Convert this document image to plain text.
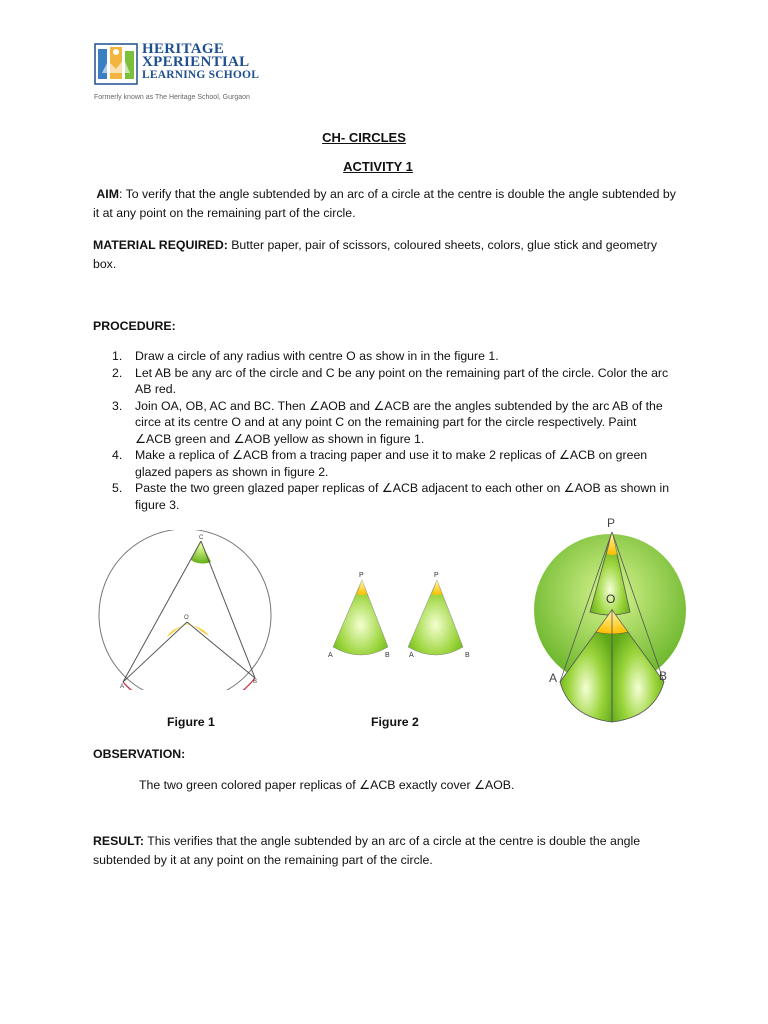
HERITAGE
XPERIENTIAL
LEARNING SCHOOL
Formerly known as The Heritage School, Gurgaon
CH- CIRCLES
ACTIVITY 1
AIM: To verify that the angle subtended by an arc of a circle at the centre is double the angle subtended by it at any point on the remaining part of the circle.
MATERIAL REQUIRED: Butter paper, pair of scissors, coloured sheets, colors, glue stick and geometry box.
PROCEDURE:
1. Draw a circle of any radius with centre O as show in in the figure 1.
2. Let AB be any arc of the circle and C be any point on the remaining part of the circle. Color the arc AB red.
3. Join OA, OB, AC and BC. Then ∠AOB and ∠ACB are the angles subtended by the arc AB of the circe at its centre O and at any point C on the remaining part for the circle respectively. Paint ∠ACB green and ∠AOB yellow as shown in figure 1.
4. Make a replica of ∠ACB from a tracing paper and use it to make 2 replicas of ∠ACB on green glazed papers as shown in figure 2.
5. Paste the two green glazed paper replicas of ∠ACB adjacent to each other on ∠AOB as shown in figure 3.
C
O
A
B
P	P
A	B	A	B
P
O
A	B
Figure 1	Figure 2
OBSERVATION:
The two green colored paper replicas of ∠ACB exactly cover ∠AOB.
RESULT: This verifies that the angle subtended by an arc of a circle at the centre is double the angle subtended by it at any point on the remaining part of the circle.
